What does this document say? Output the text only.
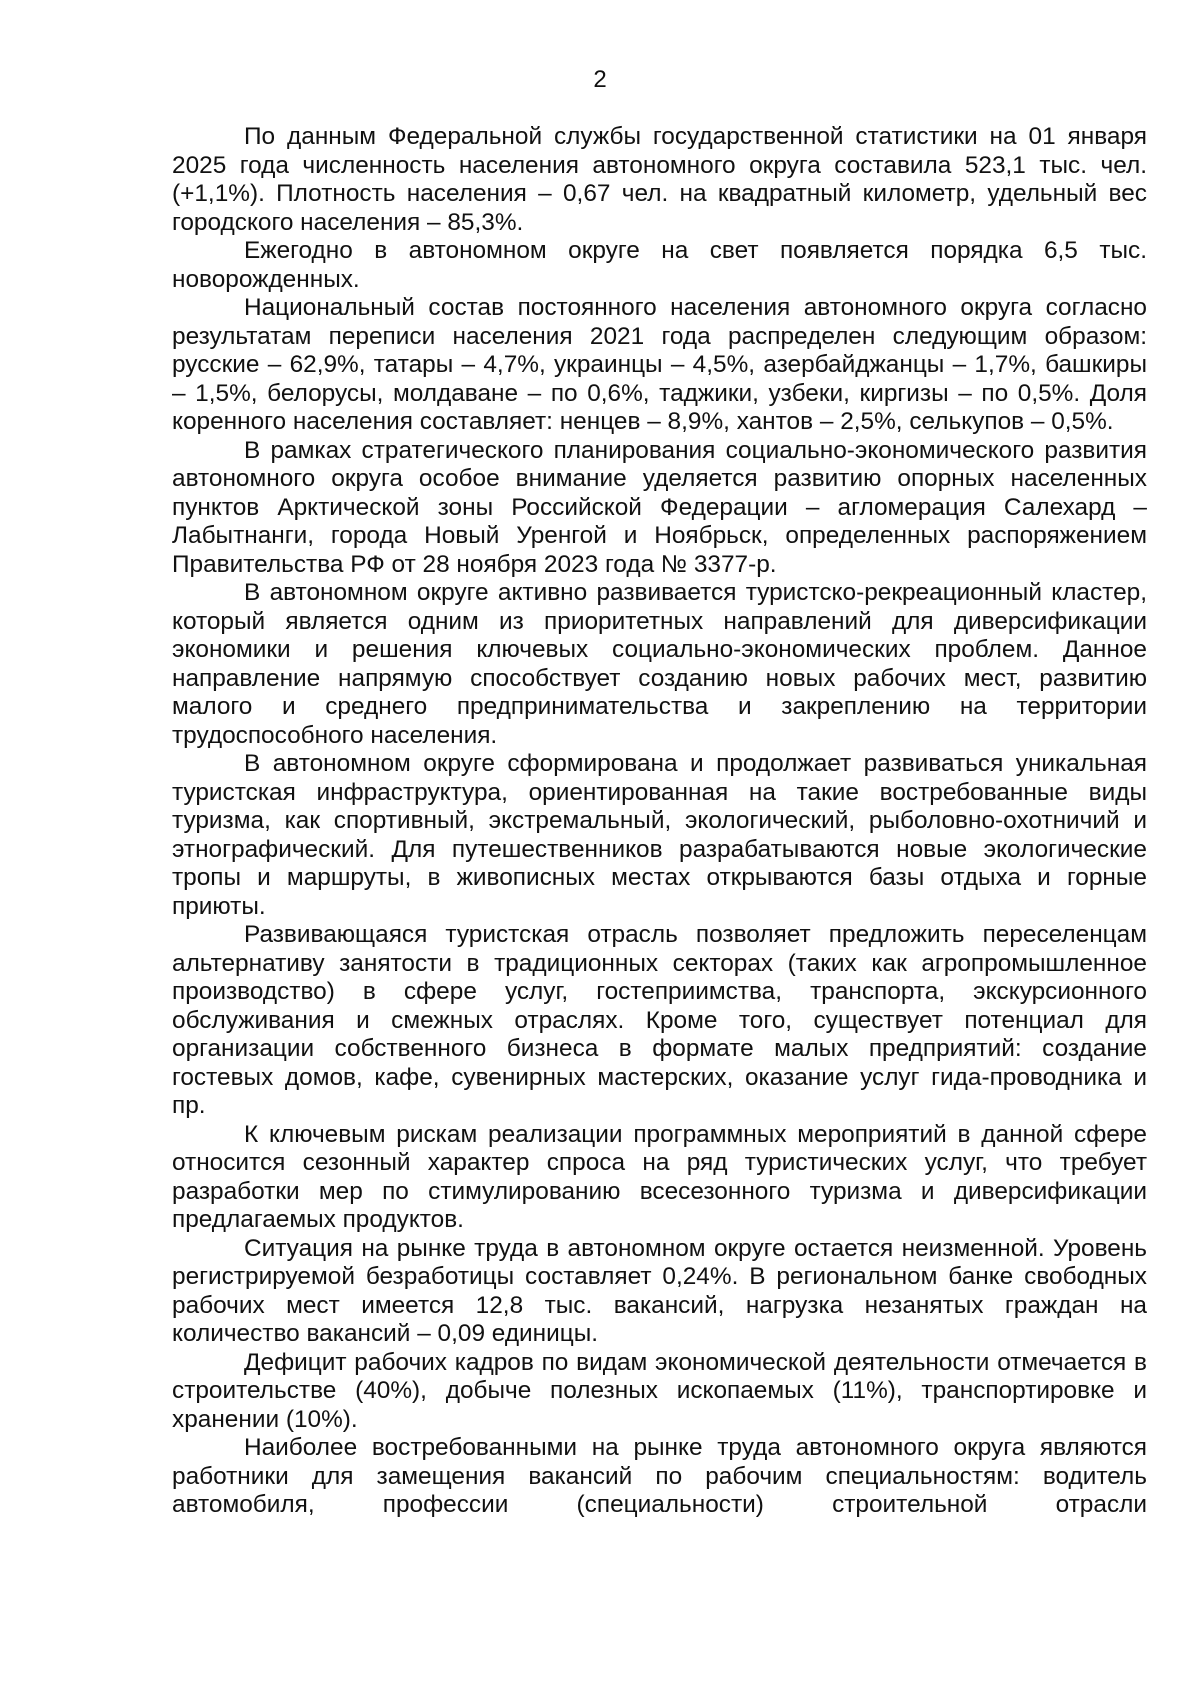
2

По данным Федеральной службы государственной статистики на 01 января 2025 года численность населения автономного округа составила 523,1 тыс. чел. (+1,1%). Плотность населения – 0,67 чел. на квадратный километр, удельный вес городского населения – 85,3%.

Ежегодно в автономном округе на свет появляется порядка 6,5 тыс. новорожденных.

Национальный состав постоянного населения автономного округа согласно результатам переписи населения 2021 года распределен следующим образом: русские – 62,9%, татары – 4,7%, украинцы – 4,5%, азербайджанцы – 1,7%, башкиры – 1,5%, белорусы, молдаване – по 0,6%, таджики, узбеки, киргизы – по 0,5%. Доля коренного населения составляет: ненцев – 8,9%, хантов – 2,5%, селькупов – 0,5%.

В рамках стратегического планирования социально-экономического развития автономного округа особое внимание уделяется развитию опорных населенных пунктов Арктической зоны Российской Федерации – агломерация Салехард – Лабытнанги, города Новый Уренгой и Ноябрьск, определенных распоряжением Правительства РФ от 28 ноября 2023 года № 3377-р.

В автономном округе активно развивается туристско-рекреационный кластер, который является одним из приоритетных направлений для диверсификации экономики и решения ключевых социально-экономических проблем. Данное направление напрямую способствует созданию новых рабочих мест, развитию малого и среднего предпринимательства и закреплению на территории трудоспособного населения.

В автономном округе сформирована и продолжает развиваться уникальная туристская инфраструктура, ориентированная на такие востребованные виды туризма, как спортивный, экстремальный, экологический, рыболовно-охотничий и этнографический. Для путешественников разрабатываются новые экологические тропы и маршруты, в живописных местах открываются базы отдыха и горные приюты.

Развивающаяся туристская отрасль позволяет предложить переселенцам альтернативу занятости в традиционных секторах (таких как агропромышленное производство) в сфере услуг, гостеприимства, транспорта, экскурсионного обслуживания и смежных отраслях. Кроме того, существует потенциал для организации собственного бизнеса в формате малых предприятий: создание гостевых домов, кафе, сувенирных мастерских, оказание услуг гида-проводника и пр.

К ключевым рискам реализации программных мероприятий в данной сфере относится сезонный характер спроса на ряд туристических услуг, что требует разработки мер по стимулированию всесезонного туризма и диверсификации предлагаемых продуктов.

Ситуация на рынке труда в автономном округе остается неизменной. Уровень регистрируемой безработицы составляет 0,24%. В региональном банке свободных рабочих мест имеется 12,8 тыс. вакансий, нагрузка незанятых граждан на количество вакансий – 0,09 единицы.

Дефицит рабочих кадров по видам экономической деятельности отмечается в строительстве (40%), добыче полезных ископаемых (11%), транспортировке и хранении (10%).

Наиболее востребованными на рынке труда автономного округа являются работники для замещения вакансий по рабочим специальностям: водитель автомобиля, профессии (специальности) строительной отрасли
